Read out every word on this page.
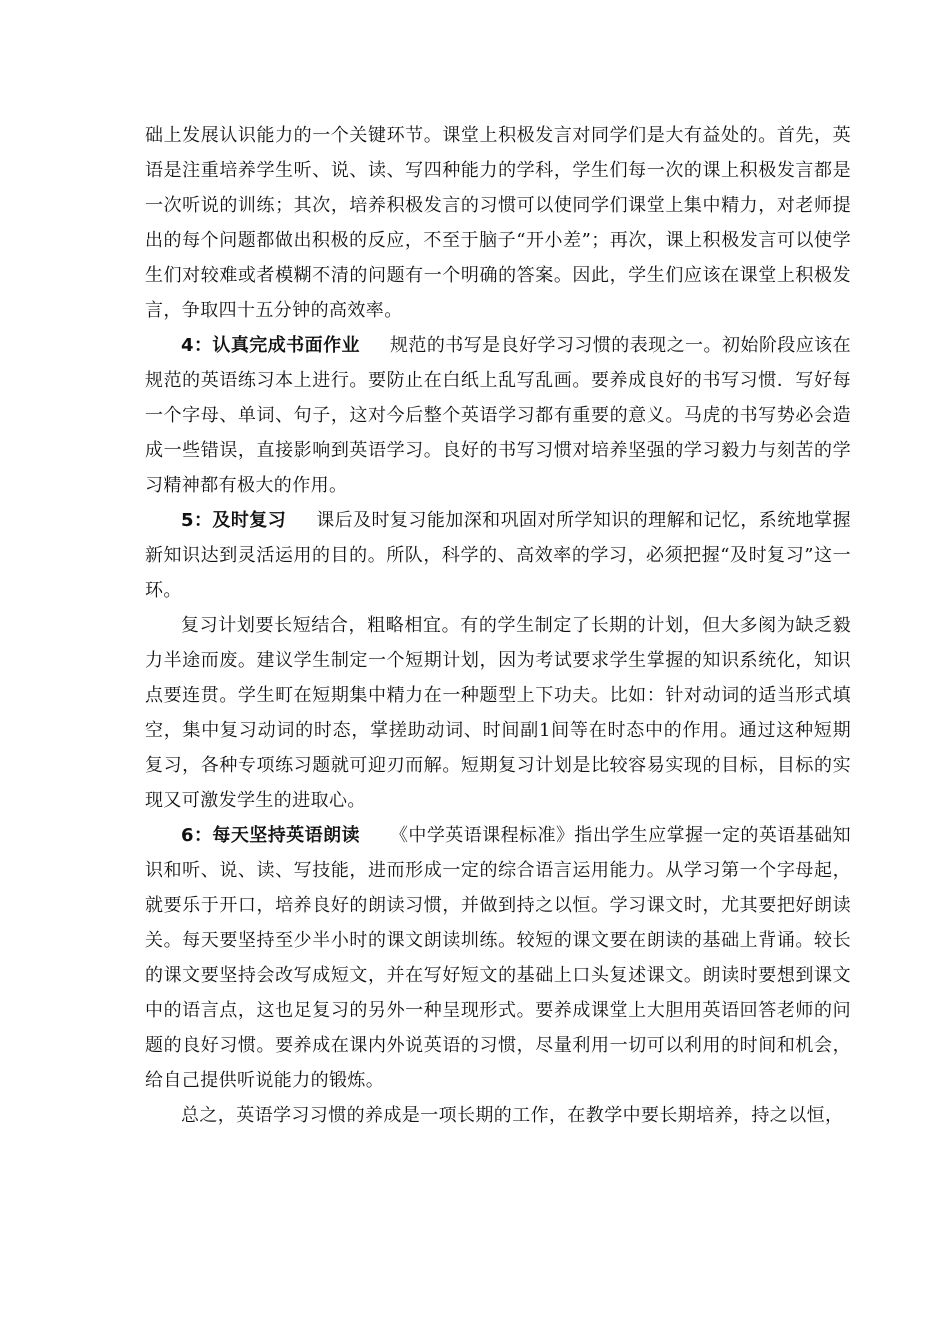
础上发展认识能力的一个关键环节。课堂上积极发言对同学们是大有益处的。首先，英语是注重培养学生听、说、读、写四种能力的学科，学生们每一次的课上积极发言都是一次听说的训练；其次，培养积极发言的习惯可以使同学们课堂上集中精力，对老师提出的每个问题都做出积极的反应，不至于脑子“开小差”；再次，课上积极发言可以使学生们对较难或者模糊不清的问题有一个明确的答案。因此，学生们应该在课堂上积极发言，争取四十五分钟的高效率。

4：认真完成书面作业 规范的书写是良好学习习惯的表现之一。初始阶段应该在规范的英语练习本上进行。要防止在白纸上乱写乱画。要养成良好的书写习惯．写好每一个字母、单词、句子，这对今后整个英语学习都有重要的意义。马虎的书写势必会造成一些错误，直接影响到英语学习。良好的书写习惯对培养坚强的学习毅力与刻苦的学习精神都有极大的作用。

5：及时复习 课后及时复习能加深和巩固对所学知识的理解和记忆，系统地掌握新知识达到灵活运用的目的。所队，科学的、高效率的学习，必须把握“及时复习”这一环。

复习计划要长短结合，粗略相宜。有的学生制定了长期的计划，但大多阂为缺乏毅力半途而废。建议学生制定一个短期计划，因为考试要求学生掌握的知识系统化，知识点要连贯。学生町在短期集中精力在一种题型上下功夫。比如：针对动词的适当形式填空，集中复习动词的时态，掌搓助动词、时间副1间等在时态中的作用。通过这种短期复习，各种专项练习题就可迎刃而解。短期复习计划是比较容易实现的目标，目标的实现又可激发学生的进取心。

6：每天坚持英语朗读 《中学英语课程标准》指出学生应掌握一定的英语基础知识和听、说、读、写技能，进而形成一定的综合语言运用能力。从学习第一个字母起，就要乐于开口，培养良好的朗读习惯，并做到持之以恒。学习课文时，尤其要把好朗读关。每天要坚持至少半小时的课文朗读圳练。较短的课文要在朗读的基础上背诵。较长的课文要坚持会改写成短文，并在写好短文的基础上口头复述课文。朗读时要想到课文中的语言点，这也足复习的另外一种呈现形式。要养成课堂上大胆用英语回答老师的问题的良好习惯。要养成在课内外说英语的习惯，尽量利用一切可以利用的时间和机会，给自己提供听说能力的锻炼。

总之，英语学习习惯的养成是一项长期的工作，在教学中要长期培养，持之以恒，
